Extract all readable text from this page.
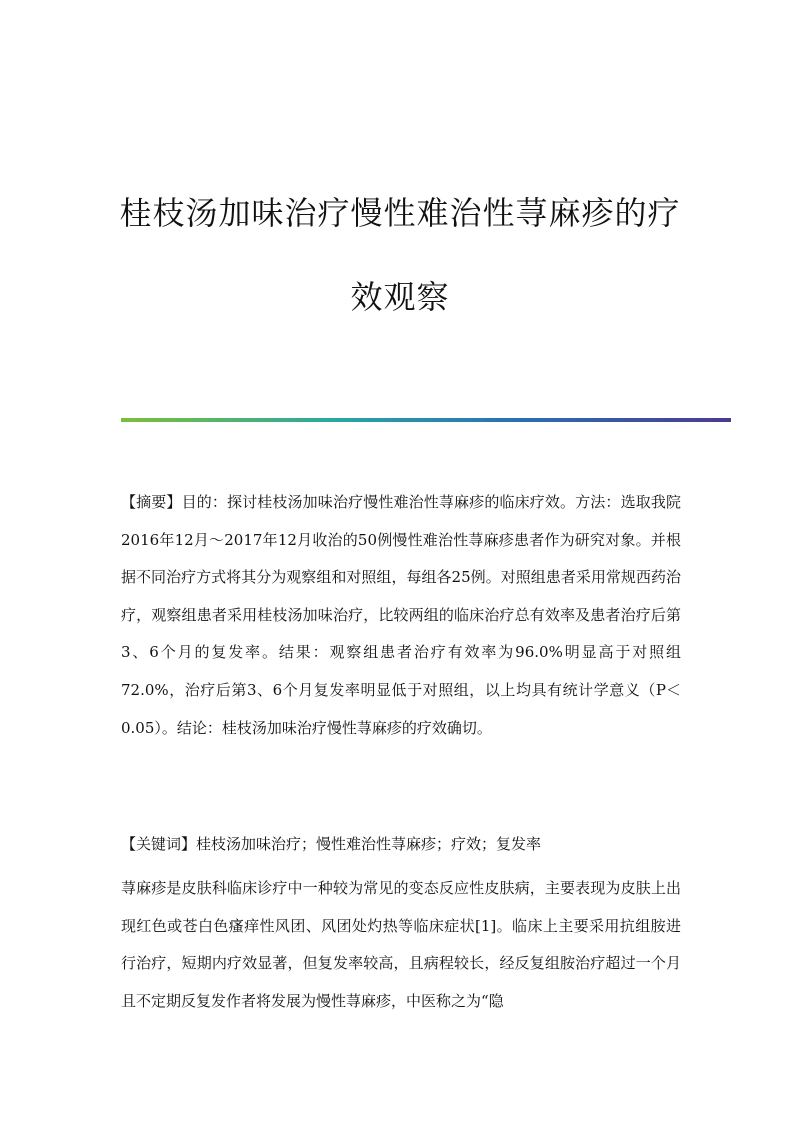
桂枝汤加味治疗慢性难治性荨麻疹的疗
效观察

【摘要】目的：探讨桂枝汤加味治疗慢性难治性荨麻疹的临床疗效。方法：选取我院2016年12月～2017年12月收治的50例慢性难治性荨麻疹患者作为研究对象。并根据不同治疗方式将其分为观察组和对照组，每组各25例。对照组患者采用常规西药治疗，观察组患者采用桂枝汤加味治疗，比较两组的临床治疗总有效率及患者治疗后第3、6个月的复发率。结果：观察组患者治疗有效率为96.0%明显高于对照组72.0%，治疗后第3、6个月复发率明显低于对照组，以上均具有统计学意义（P＜0.05）。结论：桂枝汤加味治疗慢性荨麻疹的疗效确切。

【关键词】桂枝汤加味治疗；慢性难治性荨麻疹；疗效；复发率

荨麻疹是皮肤科临床诊疗中一种较为常见的变态反应性皮肤病，主要表现为皮肤上出现红色或苍白色瘙痒性风团、风团处灼热等临床症状[1]。临床上主要采用抗组胺进行治疗，短期内疗效显著，但复发率较高，且病程较长，经反复组胺治疗超过一个月且不定期反复发作者将发展为慢性荨麻疹，中医称之为“隐
